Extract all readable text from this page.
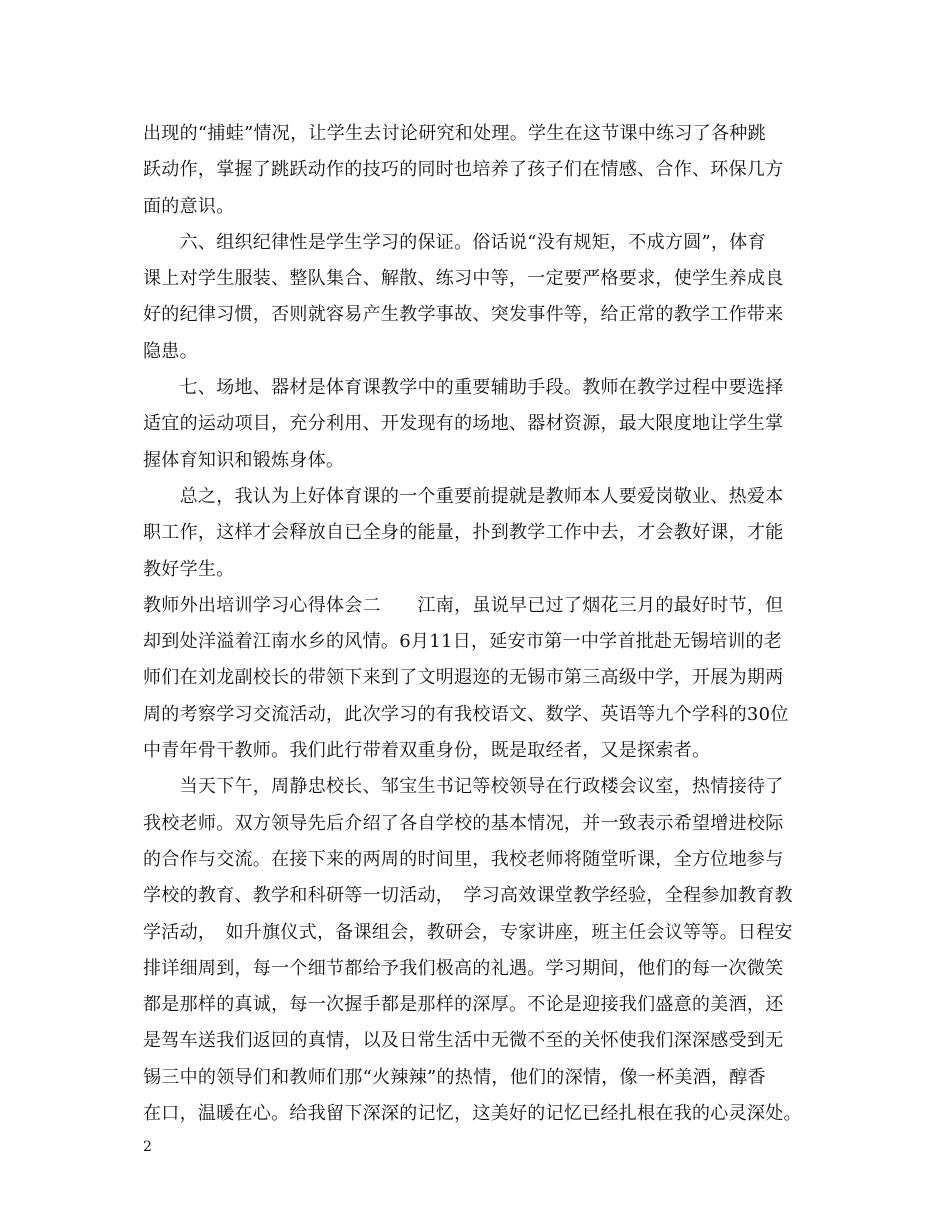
出现的“捕蛙”情况，让学生去讨论研究和处理。学生在这节课中练习了各种跳
跃动作，掌握了跳跃动作的技巧的同时也培养了孩子们在情感、合作、环保几方
面的意识。
　　六、组织纪律性是学生学习的保证。俗话说“没有规矩，不成方圆”，体育
课上对学生服装、整队集合、解散、练习中等，一定要严格要求，使学生养成良
好的纪律习惯，否则就容易产生教学事故、突发事件等，给正常的教学工作带来
隐患。
　　七、场地、器材是体育课教学中的重要辅助手段。教师在教学过程中要选择
适宜的运动项目，充分利用、开发现有的场地、器材资源，最大限度地让学生掌
握体育知识和锻炼身体。
　　总之，我认为上好体育课的一个重要前提就是教师本人要爱岗敬业、热爱本
职工作，这样才会释放自已全身的能量，扑到教学工作中去，才会教好课，才能
教好学生。
教师外出培训学习心得体会二　　江南，虽说早已过了烟花三月的最好时节，但
却到处洋溢着江南水乡的风情。6月11日，延安市第一中学首批赴无锡培训的老
师们在刘龙副校长的带领下来到了文明遐迩的无锡市第三高级中学，开展为期两
周的考察学习交流活动，此次学习的有我校语文、数学、英语等九个学科的30位
中青年骨干教师。我们此行带着双重身份，既是取经者，又是探索者。
　　当天下午，周静忠校长、邹宝生书记等校领导在行政楼会议室，热情接待了
我校老师。双方领导先后介绍了各自学校的基本情况，并一致表示希望增进校际
的合作与交流。在接下来的两周的时间里，我校老师将随堂听课，全方位地参与
学校的教育、教学和科研等一切活动，　学习高效课堂教学经验，全程参加教育教
学活动，　如升旗仪式，备课组会，教研会，专家讲座，班主任会议等等。日程安
排详细周到，每一个细节都给予我们极高的礼遇。学习期间，他们的每一次微笑
都是那样的真诚，每一次握手都是那样的深厚。不论是迎接我们盛意的美酒，还
是驾车送我们返回的真情，以及日常生活中无微不至的关怀使我们深深感受到无
锡三中的领导们和教师们那“火辣辣”的热情，他们的深情，像一杯美酒，醇香
在口，温暖在心。给我留下深深的记忆，这美好的记忆已经扎根在我的心灵深处。
2
